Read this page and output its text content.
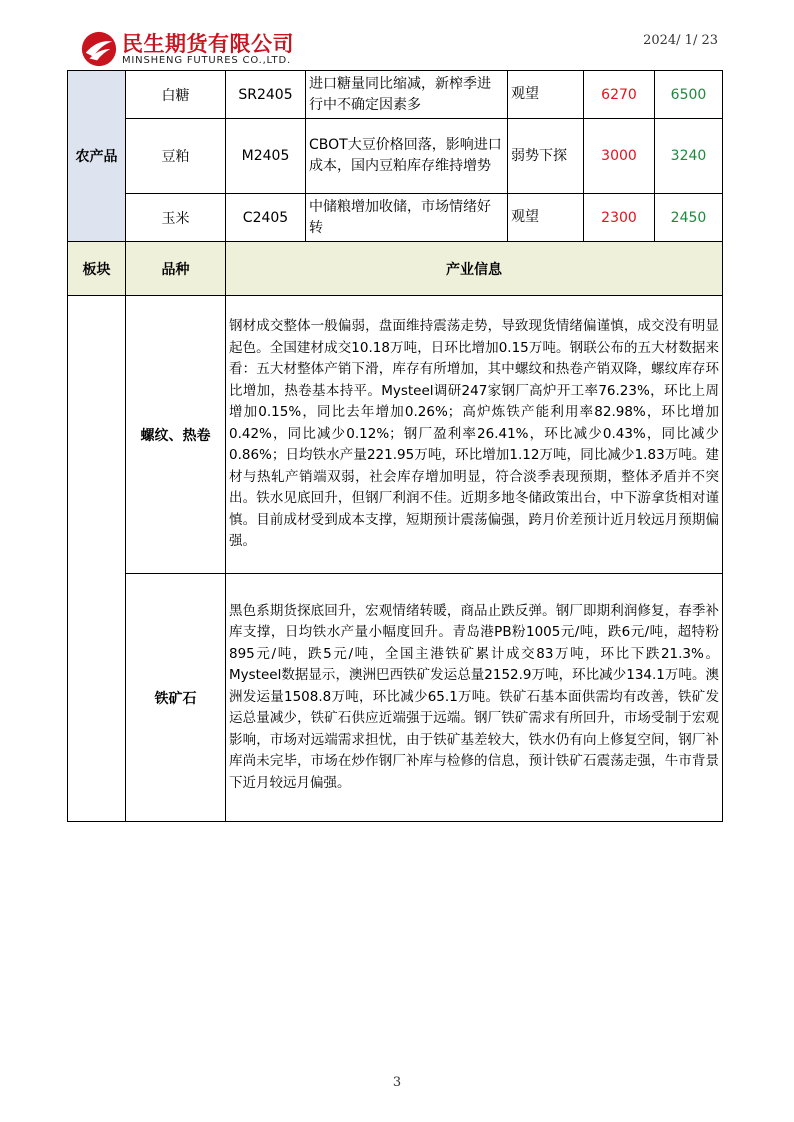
民生期货有限公司
MINSHENG FUTURES CO.,LTD.
2024/ 1/ 23
农产品	白糖	SR2405	进口糖量同比缩减，新榨季进行中不确定因素多	观望	6270	6500
	豆粕	M2405	CBOT大豆价格回落，影响进口成本，国内豆粕库存维持增势	弱势下探	3000	3240
	玉米	C2405	中储粮增加收储，市场情绪好转	观望	2300	2450
板块	品种	产业信息				
	螺纹、热卷	钢材成交整体一般偏弱，盘面维持震荡走势，导致现货情绪偏谨慎，成交没有明显起色。全国建材成交10.18万吨，日环比增加0.15万吨。钢联公布的五大材数据来看：五大材整体产销下滑，库存有所增加，其中螺纹和热卷产销双降，螺纹库存环比增加，热卷基本持平。Mysteel调研247家钢厂高炉开工率76.23%，环比上周增加0.15%，同比去年增加0.26%；高炉炼铁产能利用率82.98%，环比增加0.42%，同比减少0.12%；钢厂盈利率26.41%，环比减少0.43%，同比减少0.86%；日均铁水产量221.95万吨，环比增加1.12万吨，同比减少1.83万吨。建材与热轧产销端双弱，社会库存增加明显，符合淡季表现预期，整体矛盾并不突出。铁水见底回升，但钢厂利润不佳。近期多地冬储政策出台，中下游拿货相对谨慎。目前成材受到成本支撑，短期预计震荡偏强，跨月价差预计近月较远月预期偏强。				
	铁矿石	黑色系期货探底回升，宏观情绪转暖，商品止跌反弹。钢厂即期利润修复，春季补库支撑，日均铁水产量小幅度回升。青岛港PB粉1005元/吨，跌6元/吨，超特粉895元/吨，跌5元/吨，全国主港铁矿累计成交83万吨，环比下跌21.3%。Mysteel数据显示，澳洲巴西铁矿发运总量2152.9万吨，环比减少134.1万吨。澳洲发运量1508.8万吨，环比减少65.1万吨。铁矿石基本面供需均有改善，铁矿发运总量减少，铁矿石供应近端强于远端。钢厂铁矿需求有所回升，市场受制于宏观影响，市场对远端需求担忧，由于铁矿基差较大，铁水仍有向上修复空间，钢厂补库尚未完毕，市场在炒作钢厂补库与检修的信息，预计铁矿石震荡走强，牛市背景下近月较远月偏强。				
3
